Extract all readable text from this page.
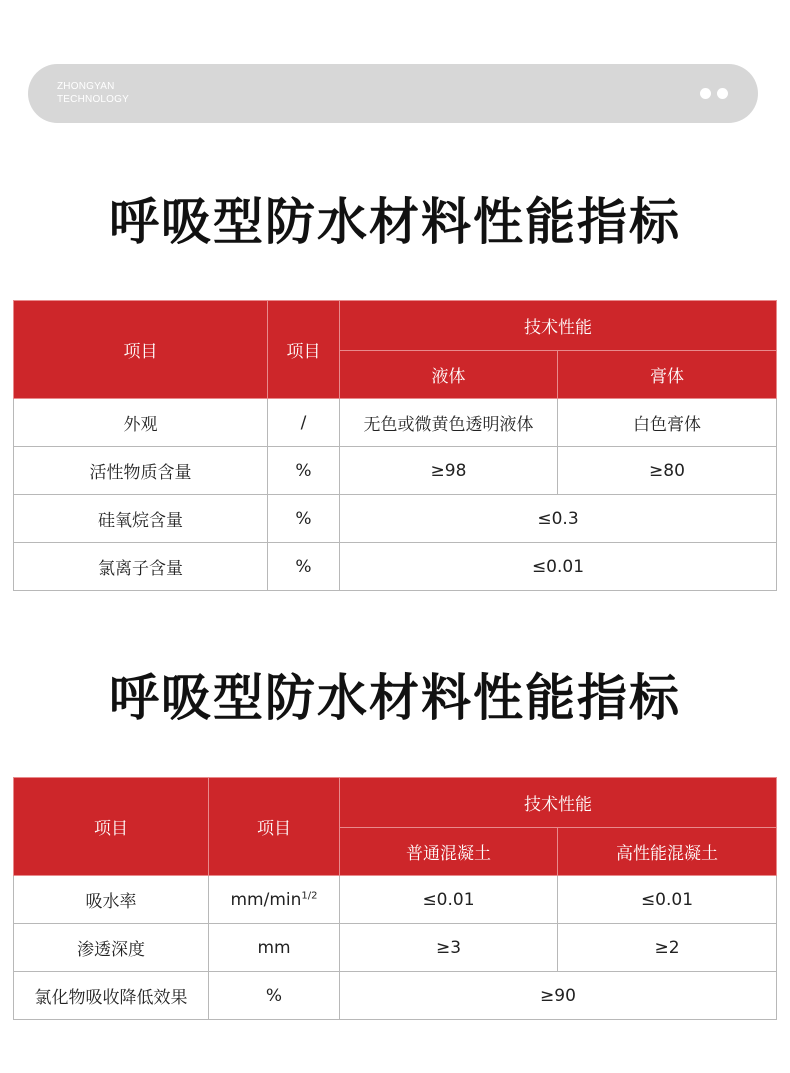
ZHONGYAN
TECHNOLOGY
呼吸型防水材料性能指标
项目	项目	技术性能	
		液体	膏体
外观	/	无色或微黄色透明液体	白色膏体
活性物质含量	%	≥98	≥80
硅氧烷含量	%	≤0.3	
氯离子含量	%	≤0.01	
呼吸型防水材料性能指标
项目	项目	技术性能	
		普通混凝土	高性能混凝土
吸水率	$mm/\min^{1/2}$	≤0.01	≤0.01
渗透深度	mm	≥3	≥2
氯化物吸收降低效果	%	≥90	
